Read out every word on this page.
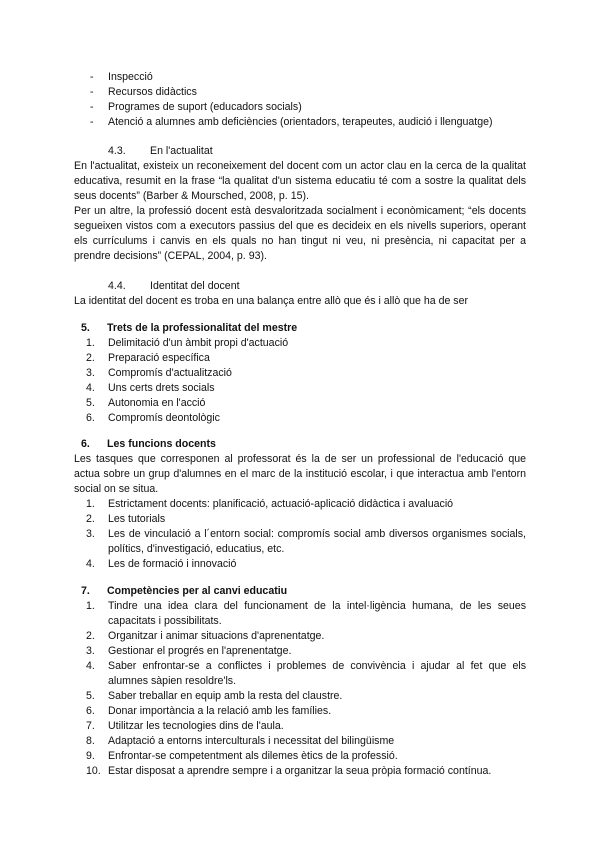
- Inspecció
- Recursos didàctics
- Programes de suport (educadors socials)
- Atenció a alumnes amb deficiències (orientadors, terapeutes, audició i llenguatge)
4.3. En l'actualitat
En l'actualitat, existeix un reconeixement del docent com un actor clau en la cerca de la qualitat educativa, resumit en la frase “la qualitat d'un sistema educatiu té com a sostre la qualitat dels seus docents” (Barber & Moursched, 2008, p. 15).
Per un altre, la professió docent està desvaloritzada socialment i econòmicament; “els docents segueixen vistos com a executors passius del que es decideix en els nivells superiors, operant els currículums i canvis en els quals no han tingut ni veu, ni presència, ni capacitat per a prendre decisions” (CEPAL, 2004, p. 93).
4.4. Identitat del docent
La identitat del docent es troba en una balança entre allò que és i allò que ha de ser
5. Trets de la professionalitat del mestre
1.	Delimitació d'un àmbit propi d'actuació
2.	Preparació específica
3.	Compromís d'actualització
4.	Uns certs drets socials
5.	Autonomia en l'acció
6.	Compromís deontològic
6. Les funcions docents
Les tasques que corresponen al professorat és la de ser un professional de l'educació que actua sobre un grup d'alumnes en el marc de la institució escolar, i que interactua amb l'entorn social on se situa.
1.	Estrictament docents: planificació, actuació-aplicació didàctica i avaluació
2.	Les tutorials
3.	Les de vinculació a l´entorn social: compromís social amb diversos organismes socials, polítics, d'investigació, educatius, etc.
4.	Les de formació i innovació
7. Competències per al canvi educatiu
1.	Tindre una idea clara del funcionament de la intel·ligència humana, de les seues capacitats i possibilitats.
2.	Organitzar i animar situacions d'aprenentatge.
3.	Gestionar el progrés en l'aprenentatge.
4.	Saber enfrontar-se a conflictes i problemes de convivència i ajudar al fet que els alumnes sàpien resoldre'ls.
5.	Saber treballar en equip amb la resta del claustre.
6.	Donar importància a la relació amb les famílies.
7.	Utilitzar les tecnologies dins de l'aula.
8.	Adaptació a entorns interculturals i necessitat del bilingüisme
9.	Enfrontar-se competentment als dilemes ètics de la professió.
10. Estar disposat a aprendre sempre i a organitzar la seua pròpia formació contínua.
